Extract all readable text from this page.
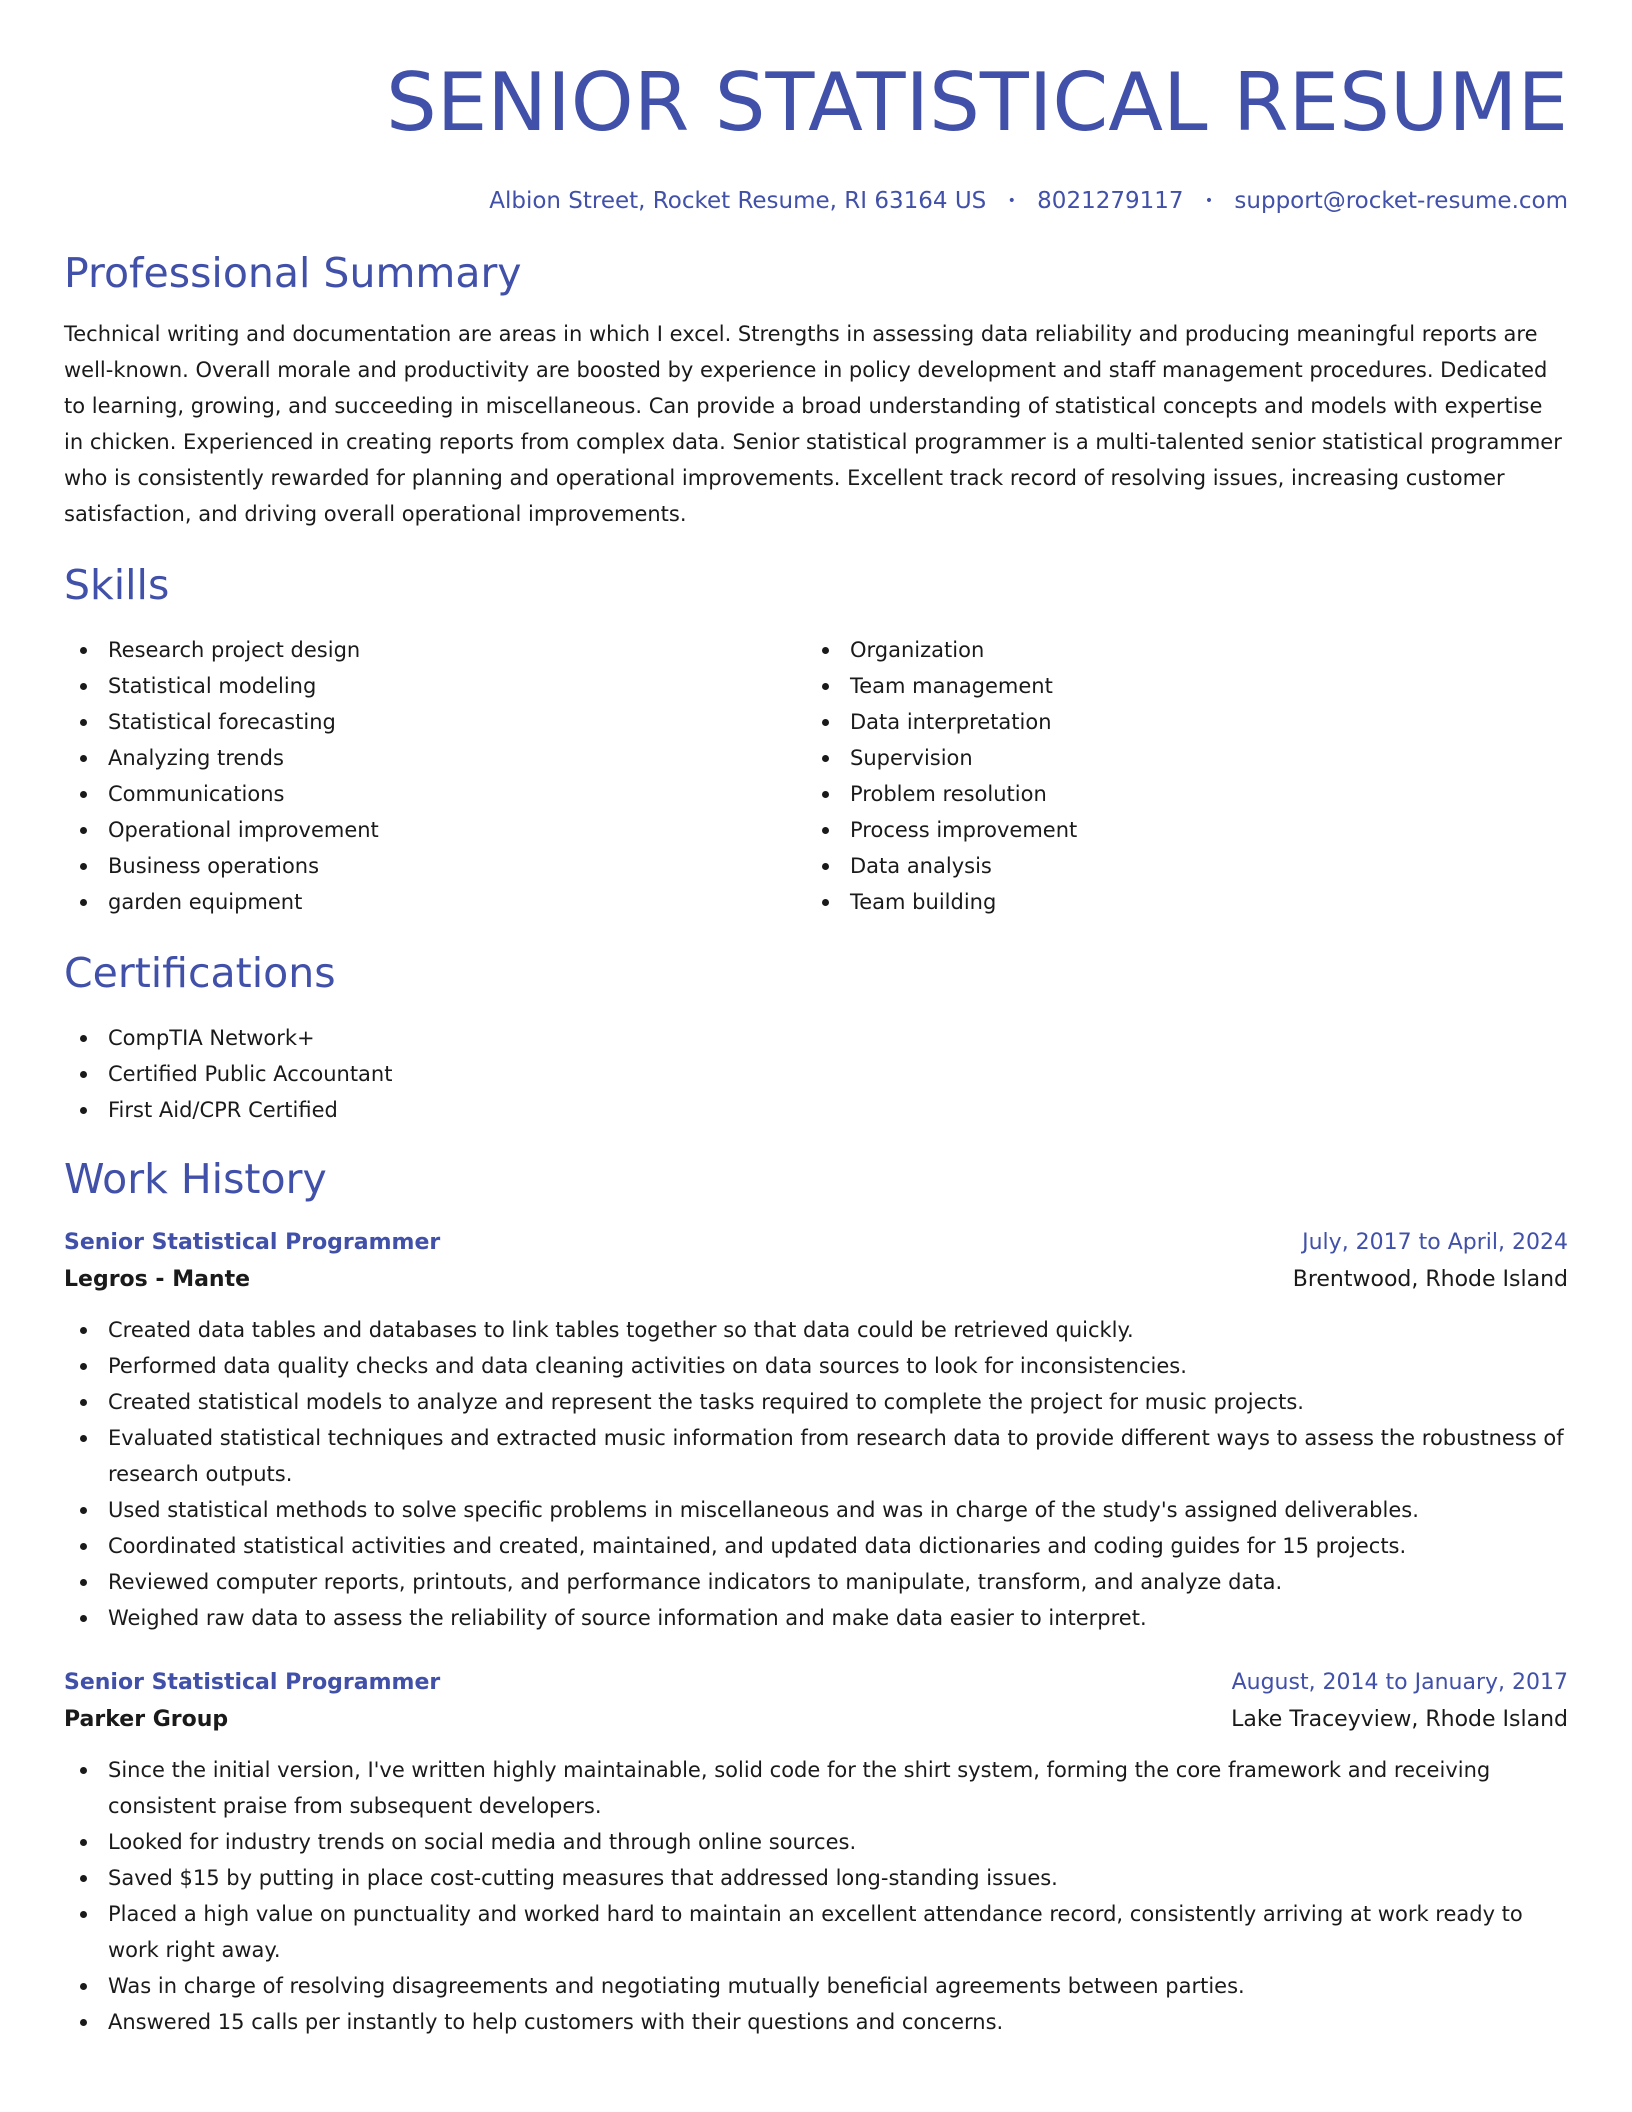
SENIOR STATISTICAL RESUME
Albion Street, Rocket Resume, RI 63164 US • 8021279117 • support@rocket-resume.com
Professional Summary

Technical writing and documentation are areas in which I excel. Strengths in assessing data reliability and producing meaningful reports are well-known. Overall morale and productivity are boosted by experience in policy development and staff management procedures. Dedicated to learning, growing, and succeeding in miscellaneous. Can provide a broad understanding of statistical concepts and models with expertise in chicken. Experienced in creating reports from complex data. Senior statistical programmer is a multi-talented senior statistical programmer who is consistently rewarded for planning and operational improvements. Excellent track record of resolving issues, increasing customer satisfaction, and driving overall operational improvements.

Skills
Research project design
Statistical modeling
Statistical forecasting
Analyzing trends
Communications
Operational improvement
Business operations
garden equipment
Organization
Team management
Data interpretation
Supervision
Problem resolution
Process improvement
Data analysis
Team building
Certifications
CompTIA Network+
Certified Public Accountant
First Aid/CPR Certified
Work History
Senior Statistical Programmer	July, 2017 to April, 2024
Legros - Mante	Brentwood, Rhode Island
Created data tables and databases to link tables together so that data could be retrieved quickly.
Performed data quality checks and data cleaning activities on data sources to look for inconsistencies.
Created statistical models to analyze and represent the tasks required to complete the project for music projects.
Evaluated statistical techniques and extracted music information from research data to provide different ways to assess the robustness of research outputs.
Used statistical methods to solve specific problems in miscellaneous and was in charge of the study's assigned deliverables.
Coordinated statistical activities and created, maintained, and updated data dictionaries and coding guides for 15 projects.
Reviewed computer reports, printouts, and performance indicators to manipulate, transform, and analyze data.
Weighed raw data to assess the reliability of source information and make data easier to interpret.
Senior Statistical Programmer	August, 2014 to January, 2017
Parker Group	Lake Traceyview, Rhode Island
Since the initial version, I've written highly maintainable, solid code for the shirt system, forming the core framework and receiving consistent praise from subsequent developers.
Looked for industry trends on social media and through online sources.
Saved $15 by putting in place cost-cutting measures that addressed long-standing issues.
Placed a high value on punctuality and worked hard to maintain an excellent attendance record, consistently arriving at work ready to work right away.
Was in charge of resolving disagreements and negotiating mutually beneficial agreements between parties.
Answered 15 calls per instantly to help customers with their questions and concerns.
